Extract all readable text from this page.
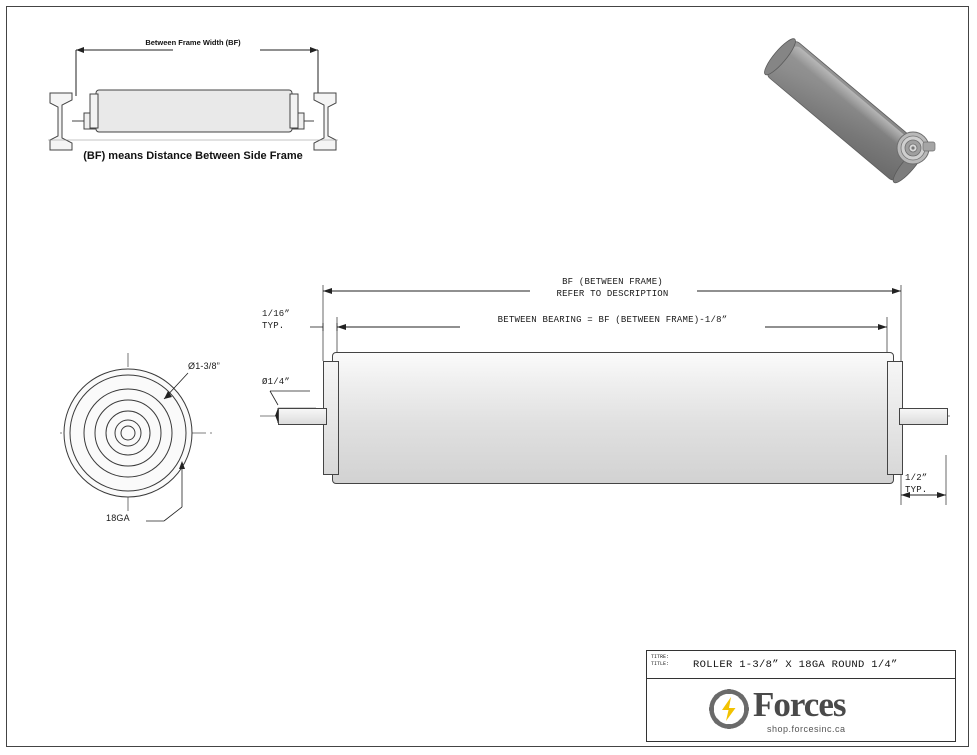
Between Frame Width (BF)
(BF) means Distance Between Side Frame
Ø1-3/8”
18GA
BF (BETWEEN FRAME)
REFER TO DESCRIPTION
BETWEEN BEARING = BF (BETWEEN FRAME)-1/8”
1/16”
TYP.
Ø1/4”
1/2”
TYP.
TITRE:
TITLE: ROLLER 1-3/8” X 18GA ROUND 1/4”
Forces
shop.forcesinc.ca
